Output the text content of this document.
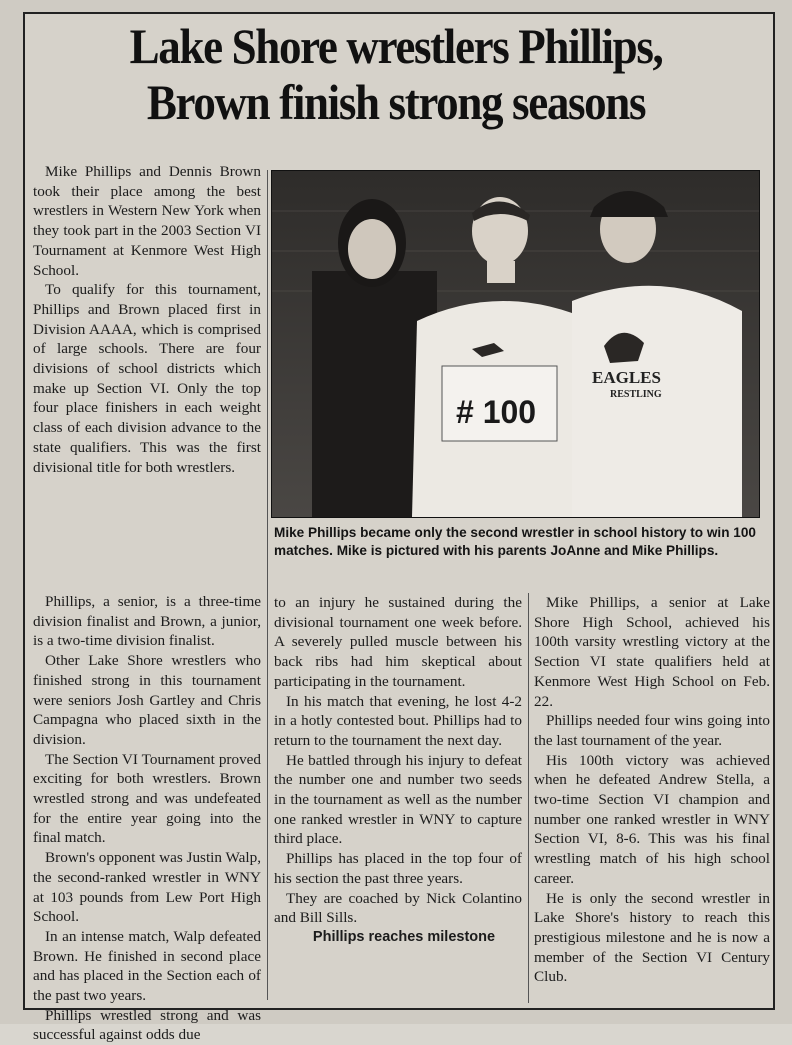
Lake Shore wrestlers Phillips,
Brown finish strong seasons

Mike Phillips and Dennis Brown took their place among the best wrestlers in Western New York when they took part in the 2003 Section VI Tournament at Kenmore West High School.

To qualify for this tournament, Phillips and Brown placed first in Division AAAA, which is comprised of large schools. There are four divisions of school districts which make up Section VI. Only the top four place finishers in each weight class of each division advance to the state qualifiers. This was the first divisional title for both wrestlers.

Phillips, a senior, is a three-time division finalist and Brown, a junior, is a two-time division finalist.

Other Lake Shore wrestlers who finished strong in this tournament were seniors Josh Gartley and Chris Campagna who placed sixth in the division.

The Section VI Tournament proved exciting for both wrestlers. Brown wrestled strong and was undefeated for the entire year going into the final match.

Brown's opponent was Justin Walp, the second-ranked wrestler in WNY at 103 pounds from Lew Port High School.

In an intense match, Walp defeated Brown. He finished in second place and has placed in the Section each of the past two years.

Phillips wrestled strong and was successful against odds due

EAGLES
RESTLING
# 100
Mike Phillips became only the second wrestler in school history to win 100 matches. Mike is pictured with his parents JoAnne and Mike Phillips.

to an injury he sustained during the divisional tournament one week before. A severely pulled muscle between his back ribs had him skeptical about participating in the tournament.

In his match that evening, he lost 4-2 in a hotly contested bout. Phillips had to return to the tournament the next day.

He battled through his injury to defeat the number one and number two seeds in the tournament as well as the number one ranked wrestler in WNY to capture third place.

Phillips has placed in the top four of his section the past three years.

They are coached by Nick Colantino and Bill Sills.

Phillips reaches milestone

Mike Phillips, a senior at Lake Shore High School, achieved his 100th varsity wrestling victory at the Section VI state qualifiers held at Kenmore West High School on Feb. 22.

Phillips needed four wins going into the last tournament of the year.

His 100th victory was achieved when he defeated Andrew Stella, a two-time Section VI champion and number one ranked wrestler in WNY Section VI, 8-6. This was his final wrestling match of his high school career.

He is only the second wrestler in Lake Shore's history to reach this prestigious milestone and he is now a member of the Section VI Century Club.
